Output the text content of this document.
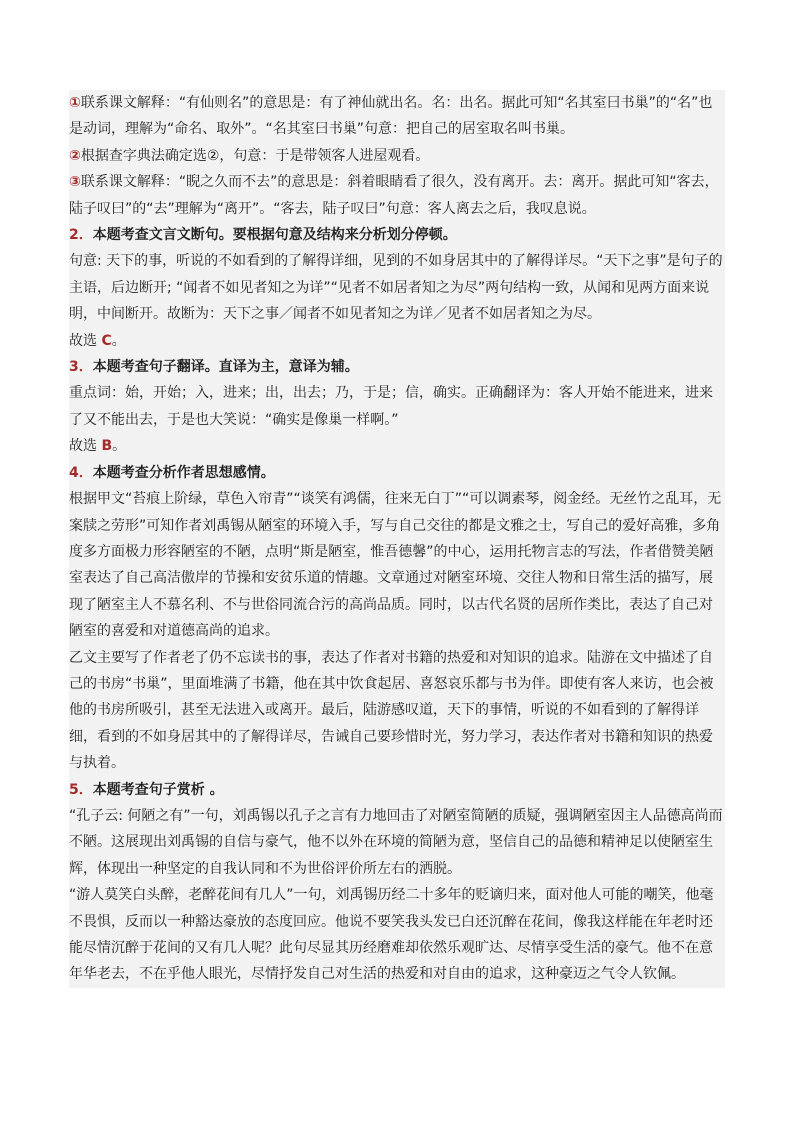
①联系课文解释：“有仙则名”的意思是：有了神仙就出名。名：出名。据此可知“名其室曰书巢”的“名”也是动词，理解为“命名、取外”。“名其室曰书巢”句意：把自己的居室取名叫书巢。

②根据查字典法确定选②，句意：于是带领客人进屋观看。

③联系课文解释：“睨之久而不去”的意思是：斜着眼睛看了很久，没有离开。去：离开。据此可知“客去，陆子叹曰”的“去”理解为“离开”。“客去，陆子叹曰”句意：客人离去之后，我叹息说。

2．本题考查文言文断句。要根据句意及结构来分析划分停顿。

句意: 天下的事，听说的不如看到的了解得详细，见到的不如身居其中的了解得详尽。“天下之事”是句子的主语，后边断开; “闻者不如见者知之为详”“见者不如居者知之为尽”两句结构一致，从闻和见两方面来说明，中间断开。故断为：天下之事／闻者不如见者知之为详／见者不如居者知之为尽。

故选 C。

3．本题考查句子翻译。直译为主，意译为辅。

重点词：始，开始；入，进来；出，出去；乃，于是；信，确实。正确翻译为：客人开始不能进来，进来了又不能出去，于是也大笑说：“确实是像巢一样啊。”

故选 B。

4．本题考查分析作者思想感情。

根据甲文“苔痕上阶绿，草色入帘青”“谈笑有鸿儒，往来无白丁”“可以调素琴，阅金经。无丝竹之乱耳，无案牍之劳形”可知作者刘禹锡从陋室的环境入手，写与自己交往的都是文雅之士，写自己的爱好高雅，多角度多方面极力形容陋室的不陋，点明“斯是陋室，惟吾德馨”的中心，运用托物言志的写法，作者借赞美陋室表达了自己高洁傲岸的节操和安贫乐道的情趣。文章通过对陋室环境、交往人物和日常生活的描写，展现了陋室主人不慕名利、不与世俗同流合污的高尚品质。同时，以古代名贤的居所作类比，表达了自己对陋室的喜爱和对道德高尚的追求。

乙文主要写了作者老了仍不忘读书的事，表达了作者对书籍的热爱和对知识的追求。陆游在文中描述了自己的书房“书巢”，里面堆满了书籍，他在其中饮食起居、喜怒哀乐都与书为伴。即使有客人来访，也会被他的书房所吸引，甚至无法进入或离开。最后，陆游感叹道，天下的事情，听说的不如看到的了解得详细，看到的不如身居其中的了解得详尽，告诫自己要珍惜时光，努力学习，表达作者对书籍和知识的热爱与执着。

5．本题考查句子赏析 。

“孔子云: 何陋之有”一句，刘禹锡以孔子之言有力地回击了对陋室简陋的质疑，强调陋室因主人品德高尚而不陋。这展现出刘禹锡的自信与豪气，他不以外在环境的简陋为意，坚信自己的品德和精神足以使陋室生辉，体现出一种坚定的自我认同和不为世俗评价所左右的洒脱。

“游人莫笑白头醉，老醉花间有几人”一句，刘禹锡历经二十多年的贬谪归来，面对他人可能的嘲笑，他毫不畏惧，反而以一种豁达豪放的态度回应。他说不要笑我头发已白还沉醉在花间，像我这样能在年老时还能尽情沉醉于花间的又有几人呢？此句尽显其历经磨难却依然乐观旷达、尽情享受生活的豪气。他不在意年华老去，不在乎他人眼光，尽情抒发自己对生活的热爱和对自由的追求，这种豪迈之气令人钦佩。
